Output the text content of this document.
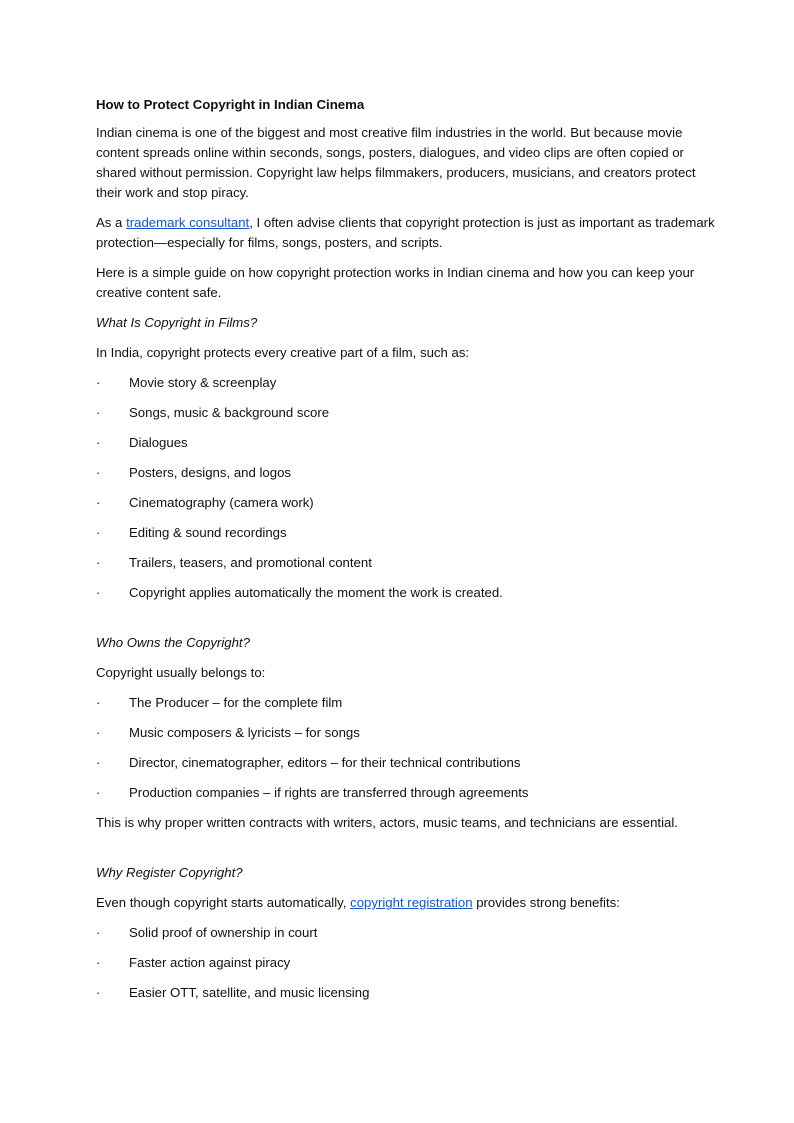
How to Protect Copyright in Indian Cinema

Indian cinema is one of the biggest and most creative film industries in the world. But because movie content spreads online within seconds, songs, posters, dialogues, and video clips are often copied or shared without permission. Copyright law helps filmmakers, producers, musicians, and creators protect their work and stop piracy.

As a trademark consultant, I often advise clients that copyright protection is just as important as trademark protection—especially for films, songs, posters, and scripts.

Here is a simple guide on how copyright protection works in Indian cinema and how you can keep your creative content safe.

What Is Copyright in Films?

In India, copyright protects every creative part of a film, such as:

·	Movie story & screenplay
·	Songs, music & background score
·	Dialogues
·	Posters, designs, and logos
·	Cinematography (camera work)
·	Editing & sound recordings
·	Trailers, teasers, and promotional content
·	Copyright applies automatically the moment the work is created.
Who Owns the Copyright?

Copyright usually belongs to:

·	The Producer – for the complete film
·	Music composers & lyricists – for songs
·	Director, cinematographer, editors – for their technical contributions
·	Production companies – if rights are transferred through agreements

This is why proper written contracts with writers, actors, music teams, and technicians are essential.

Why Register Copyright?

Even though copyright starts automatically, copyright registration provides strong benefits:

·	Solid proof of ownership in court
·	Faster action against piracy
·	Easier OTT, satellite, and music licensing
